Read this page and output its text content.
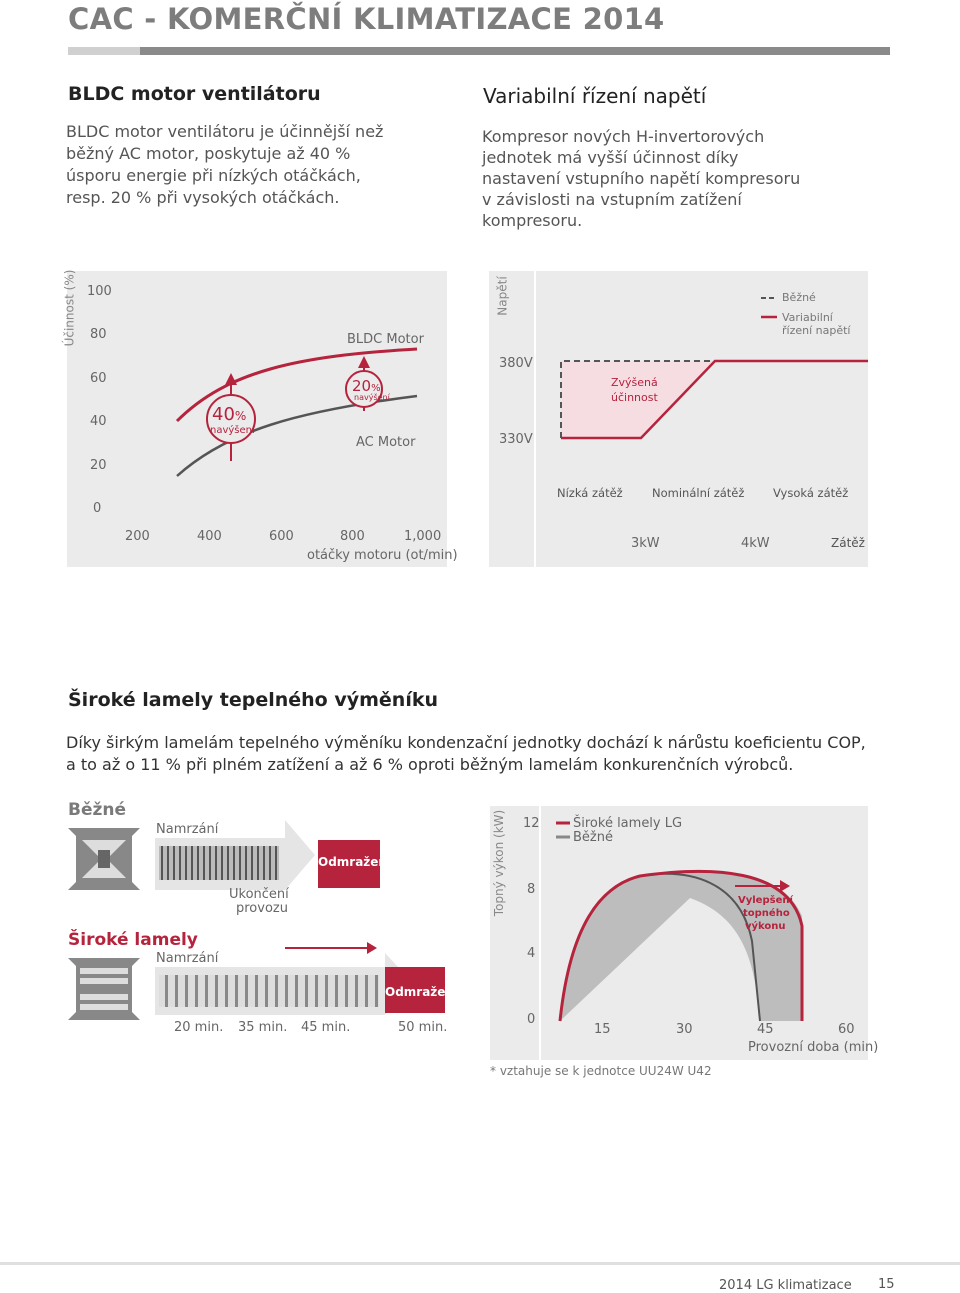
CAC - KOMERČNÍ KLIMATIZACE 2014
BLDC motor ventilátoru
BLDC motor ventilátoru je účinnější než běžný AC motor, poskytuje až 40 % úsporu energie při nízkých otáčkách, resp. 20 % při vysokých otáčkách.
Variabilní řízení napětí
Kompresor nových H-invertorových jednotek má vyšší účinnost díky nastavení vstupního napětí kompresoru v závislosti na vstupním zatížení kompresoru.
Účinnost (%) 100
80
60
40
20
0
200	400	600	800	1,000
otáčky motoru (ot/min)
BLDC Motor
AC Motor
40%
navýšení
20%
navýšení
Napětí
380V
330V
Zvýšená
účinnost
Běžné
Variabilní řízení napětí
Nízká zátěž	Nominální zátěž Vysoká zátěž
3kW	4kW	Zátěž
Široké lamely tepelného výměníku
Díky širkým lamelám tepelného výměníku kondenzační jednotky dochází k nárůstu koeficientu COP, a to až o 11 % při plném zatížení a až 6 % oproti běžným lamelám konkurenčních výrobců.
Běžné
Široké lamely
Namrzání
Namrzání
Odmražení
Ukončení
provozu
Odmražení
20 min. 35 min. 45 min.	50 min.
Topný výkon (kW) 12
8
4
0
15	30	45	60
Provozní doba (min)
Široké lamely LG
Běžné
Vylepšení
topného
výkonu
* vztahuje se k jednotce UU24W U42
2014 LG klimatizace 15
